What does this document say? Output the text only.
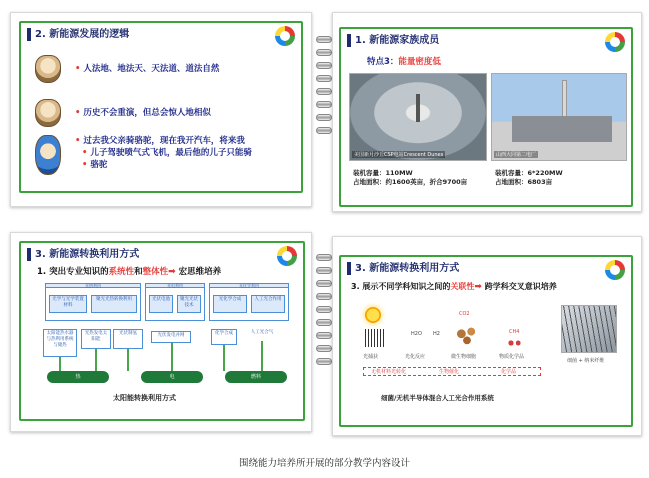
2. 新能源发展的逻辑
• 人法地、地法天、天法道、道法自然
• 历史不会重演，但总会惊人地相似
• 过去我父亲骑骆驼，现在我开汽车，将来我
• 儿子驾驶喷气式飞机，最后他的儿子只能骑
• 骆驼
1. 新能源家族成员
特点3：能量密度低
美国新月沙丘CSP电站Crescent Dunes	山西大同第二电厂
装机容量：110MW
占地面积：约1600英亩，折合9700亩
装机容量：6*220MW
占地面积：6803亩
3. 新能源转换利用方式
1. 突出专业知识的系统性和整体性➡ 宏思维培养
光热利用	光电利用	光化学利用
光学与光学装置材料
聚光光热转换利用	光伏电池	聚光光伏技术
光化学合成	人工光合作用
太阳能热水器与热利用系统与储热
光热发电太阳能
光伏发电并网
光伏制氢	化学合成	人工光合气
热	电	燃料
太阳能转换利用方式
3. 新能源转换利用方式
3. 展示不同学科知识之间的关联性➡ 跨学科交叉意识培养
H2O H2
CO2
CH4
光捕获	光化反应	微生物细胞	物质化学品
无机材料光转化	生物催化	化学品
细菌 + 纳米纤维
细菌/无机半导体混合人工光合作用系统
围绕能力培养所开展的部分教学内容设计
